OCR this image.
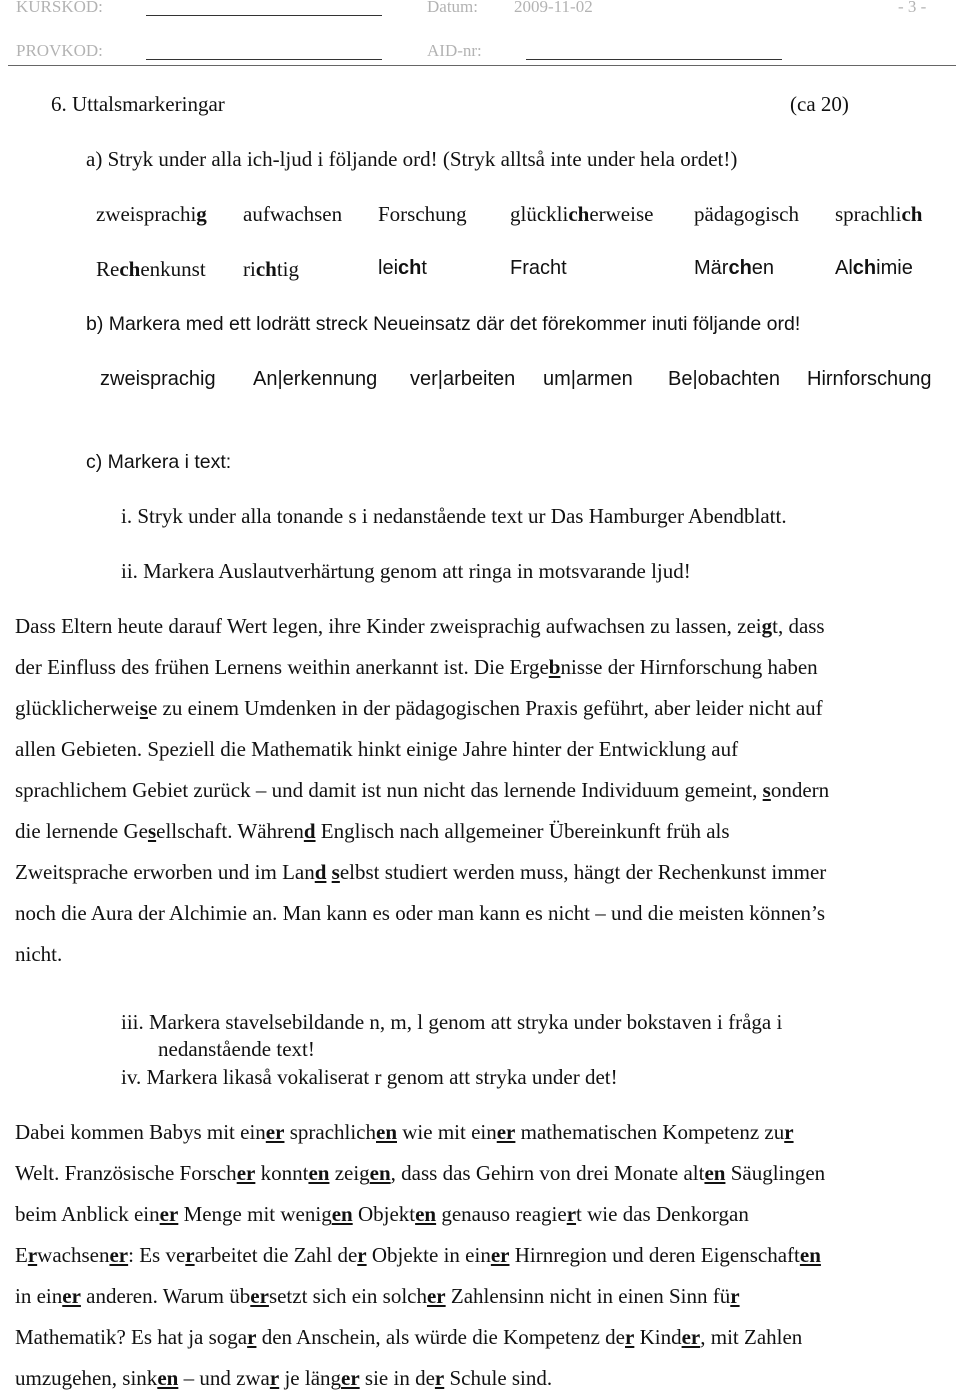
KURSKOD:	Datum: 2009-11-02	- 3 -
PROVKOD:	AID-nr:
6. Uttalsmarkeringar	(ca 20)
a) Stryk under alla ich-ljud i följande ord! (Stryk alltså inte under hela ordet!)
zweisprachig aufwachsen Forschung glücklicherweise pädagogisch sprachlich
Rechenkunst richtig	leicht	Fracht	Märchen	Alchimie
b) Markera med ett lodrätt streck Neueinsatz där det förekommer inuti följande ord!
zweisprachig An|erkennung ver|arbeiten um|armen Be|obachten Hirnforschung
c) Markera i text:
i. Stryk under alla tonande s i nedanstående text ur Das Hamburger Abendblatt.
ii. Markera Auslautverhärtung genom att ringa in motsvarande ljud!
Dass Eltern heute darauf Wert legen, ihre Kinder zweisprachig aufwachsen zu lassen, zeigt, dass
der Einfluss des frühen Lernens weithin anerkannt ist. Die Ergebnisse der Hirnforschung haben
glücklicherweise zu einem Umdenken in der pädagogischen Praxis geführt, aber leider nicht auf
allen Gebieten. Speziell die Mathematik hinkt einige Jahre hinter der Entwicklung auf
sprachlichem Gebiet zurück – und damit ist nun nicht das lernende Individuum gemeint, sondern
die lernende Gesellschaft. Während Englisch nach allgemeiner Übereinkunft früh als
Zweitsprache erworben und im Land selbst studiert werden muss, hängt der Rechenkunst immer
noch die Aura der Alchimie an. Man kann es oder man kann es nicht – und die meisten können’s
nicht.
iii. Markera stavelsebildande n, m, l genom att stryka under bokstaven i fråga i
nedanstående text!
iv. Markera likaså vokaliserat r genom att stryka under det!
Dabei kommen Babys mit einer sprachlichen wie mit einer mathematischen Kompetenz zur
Welt. Französische Forscher konnten zeigen, dass das Gehirn von drei Monate alten Säuglingen
beim Anblick einer Menge mit wenigen Objekten genauso reagiert wie das Denkorgan
Erwachsener: Es verarbeitet die Zahl der Objekte in einer Hirnregion und deren Eigenschaften
in einer anderen. Warum übersetzt sich ein solcher Zahlensinn nicht in einen Sinn für
Mathematik? Es hat ja sogar den Anschein, als würde die Kompetenz der Kinder, mit Zahlen
umzugehen, sinken – und zwar je länger sie in der Schule sind.
